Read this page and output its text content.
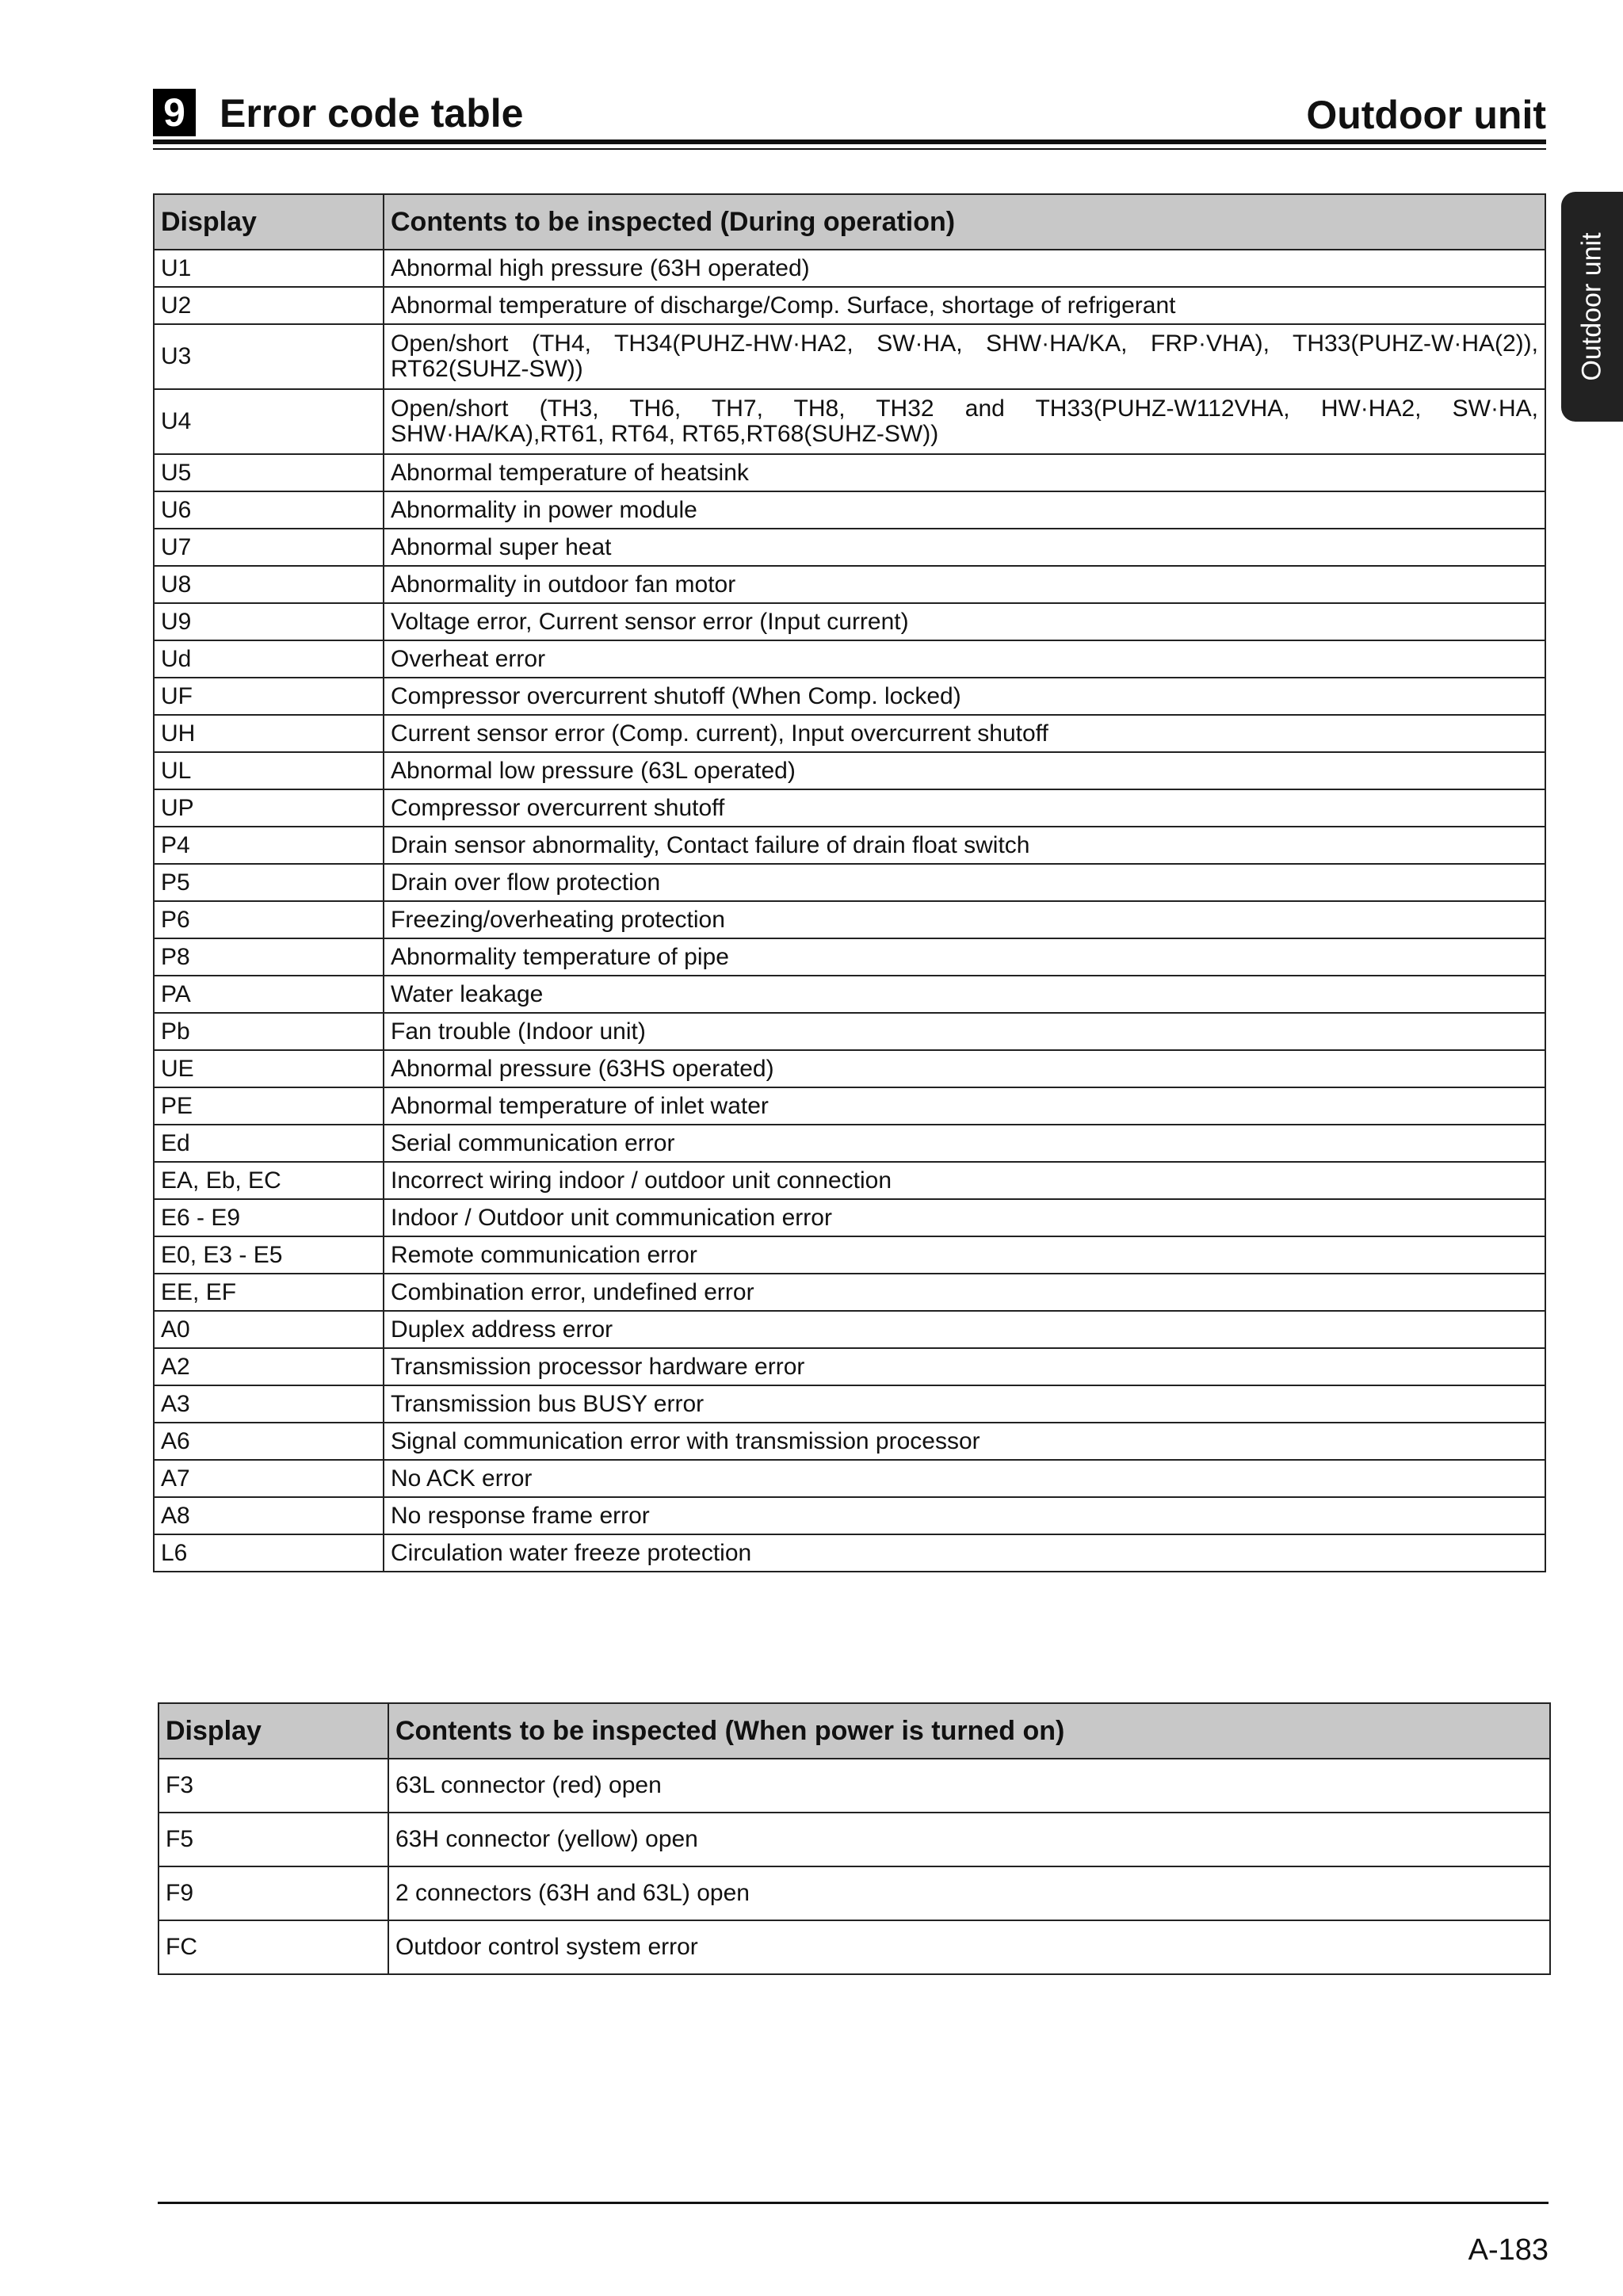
9 Error code table	Outdoor unit
Outdoor unit
Display	Contents to be inspected (During operation)
U1	Abnormal high pressure (63H operated)
U2	Abnormal temperature of discharge/Comp. Surface, shortage of refrigerant
U3	Open/short (TH4, TH34(PUHZ-HW·HA2, SW·HA, SHW·HA/KA, FRP·VHA), TH33(PUHZ-W·HA(2)), RT62(SUHZ-SW))
U4	Open/short (TH3, TH6, TH7, TH8, TH32 and TH33(PUHZ-W112VHA, HW·HA2, SW·HA, SHW·HA/KA),RT61, RT64, RT65,RT68(SUHZ-SW))
U5	Abnormal temperature of heatsink
U6	Abnormality in power module
U7	Abnormal super heat
U8	Abnormality in outdoor fan motor
U9	Voltage error, Current sensor error (Input current)
Ud	Overheat error
UF	Compressor overcurrent shutoff (When Comp. locked)
UH	Current sensor error (Comp. current), Input overcurrent shutoff
UL	Abnormal low pressure (63L operated)
UP	Compressor overcurrent shutoff
P4	Drain sensor abnormality, Contact failure of drain float switch
P5	Drain over flow protection
P6	Freezing/overheating protection
P8	Abnormality temperature of pipe
PA	Water leakage
Pb	Fan trouble (Indoor unit)
UE	Abnormal pressure (63HS operated)
PE	Abnormal temperature of inlet water
Ed	Serial communication error
EA, Eb, EC	Incorrect wiring indoor / outdoor unit connection
E6 - E9	Indoor / Outdoor unit communication error
E0, E3 - E5	Remote communication error
EE, EF	Combination error, undefined error
A0	Duplex address error
A2	Transmission processor hardware error
A3	Transmission bus BUSY error
A6	Signal communication error with transmission processor
A7	No ACK error
A8	No response frame error
L6	Circulation water freeze protection
Display	Contents to be inspected (When power is turned on)
F3	63L connector (red) open
F5	63H connector (yellow) open
F9	2 connectors (63H and 63L) open
FC	Outdoor control system error
A-183
